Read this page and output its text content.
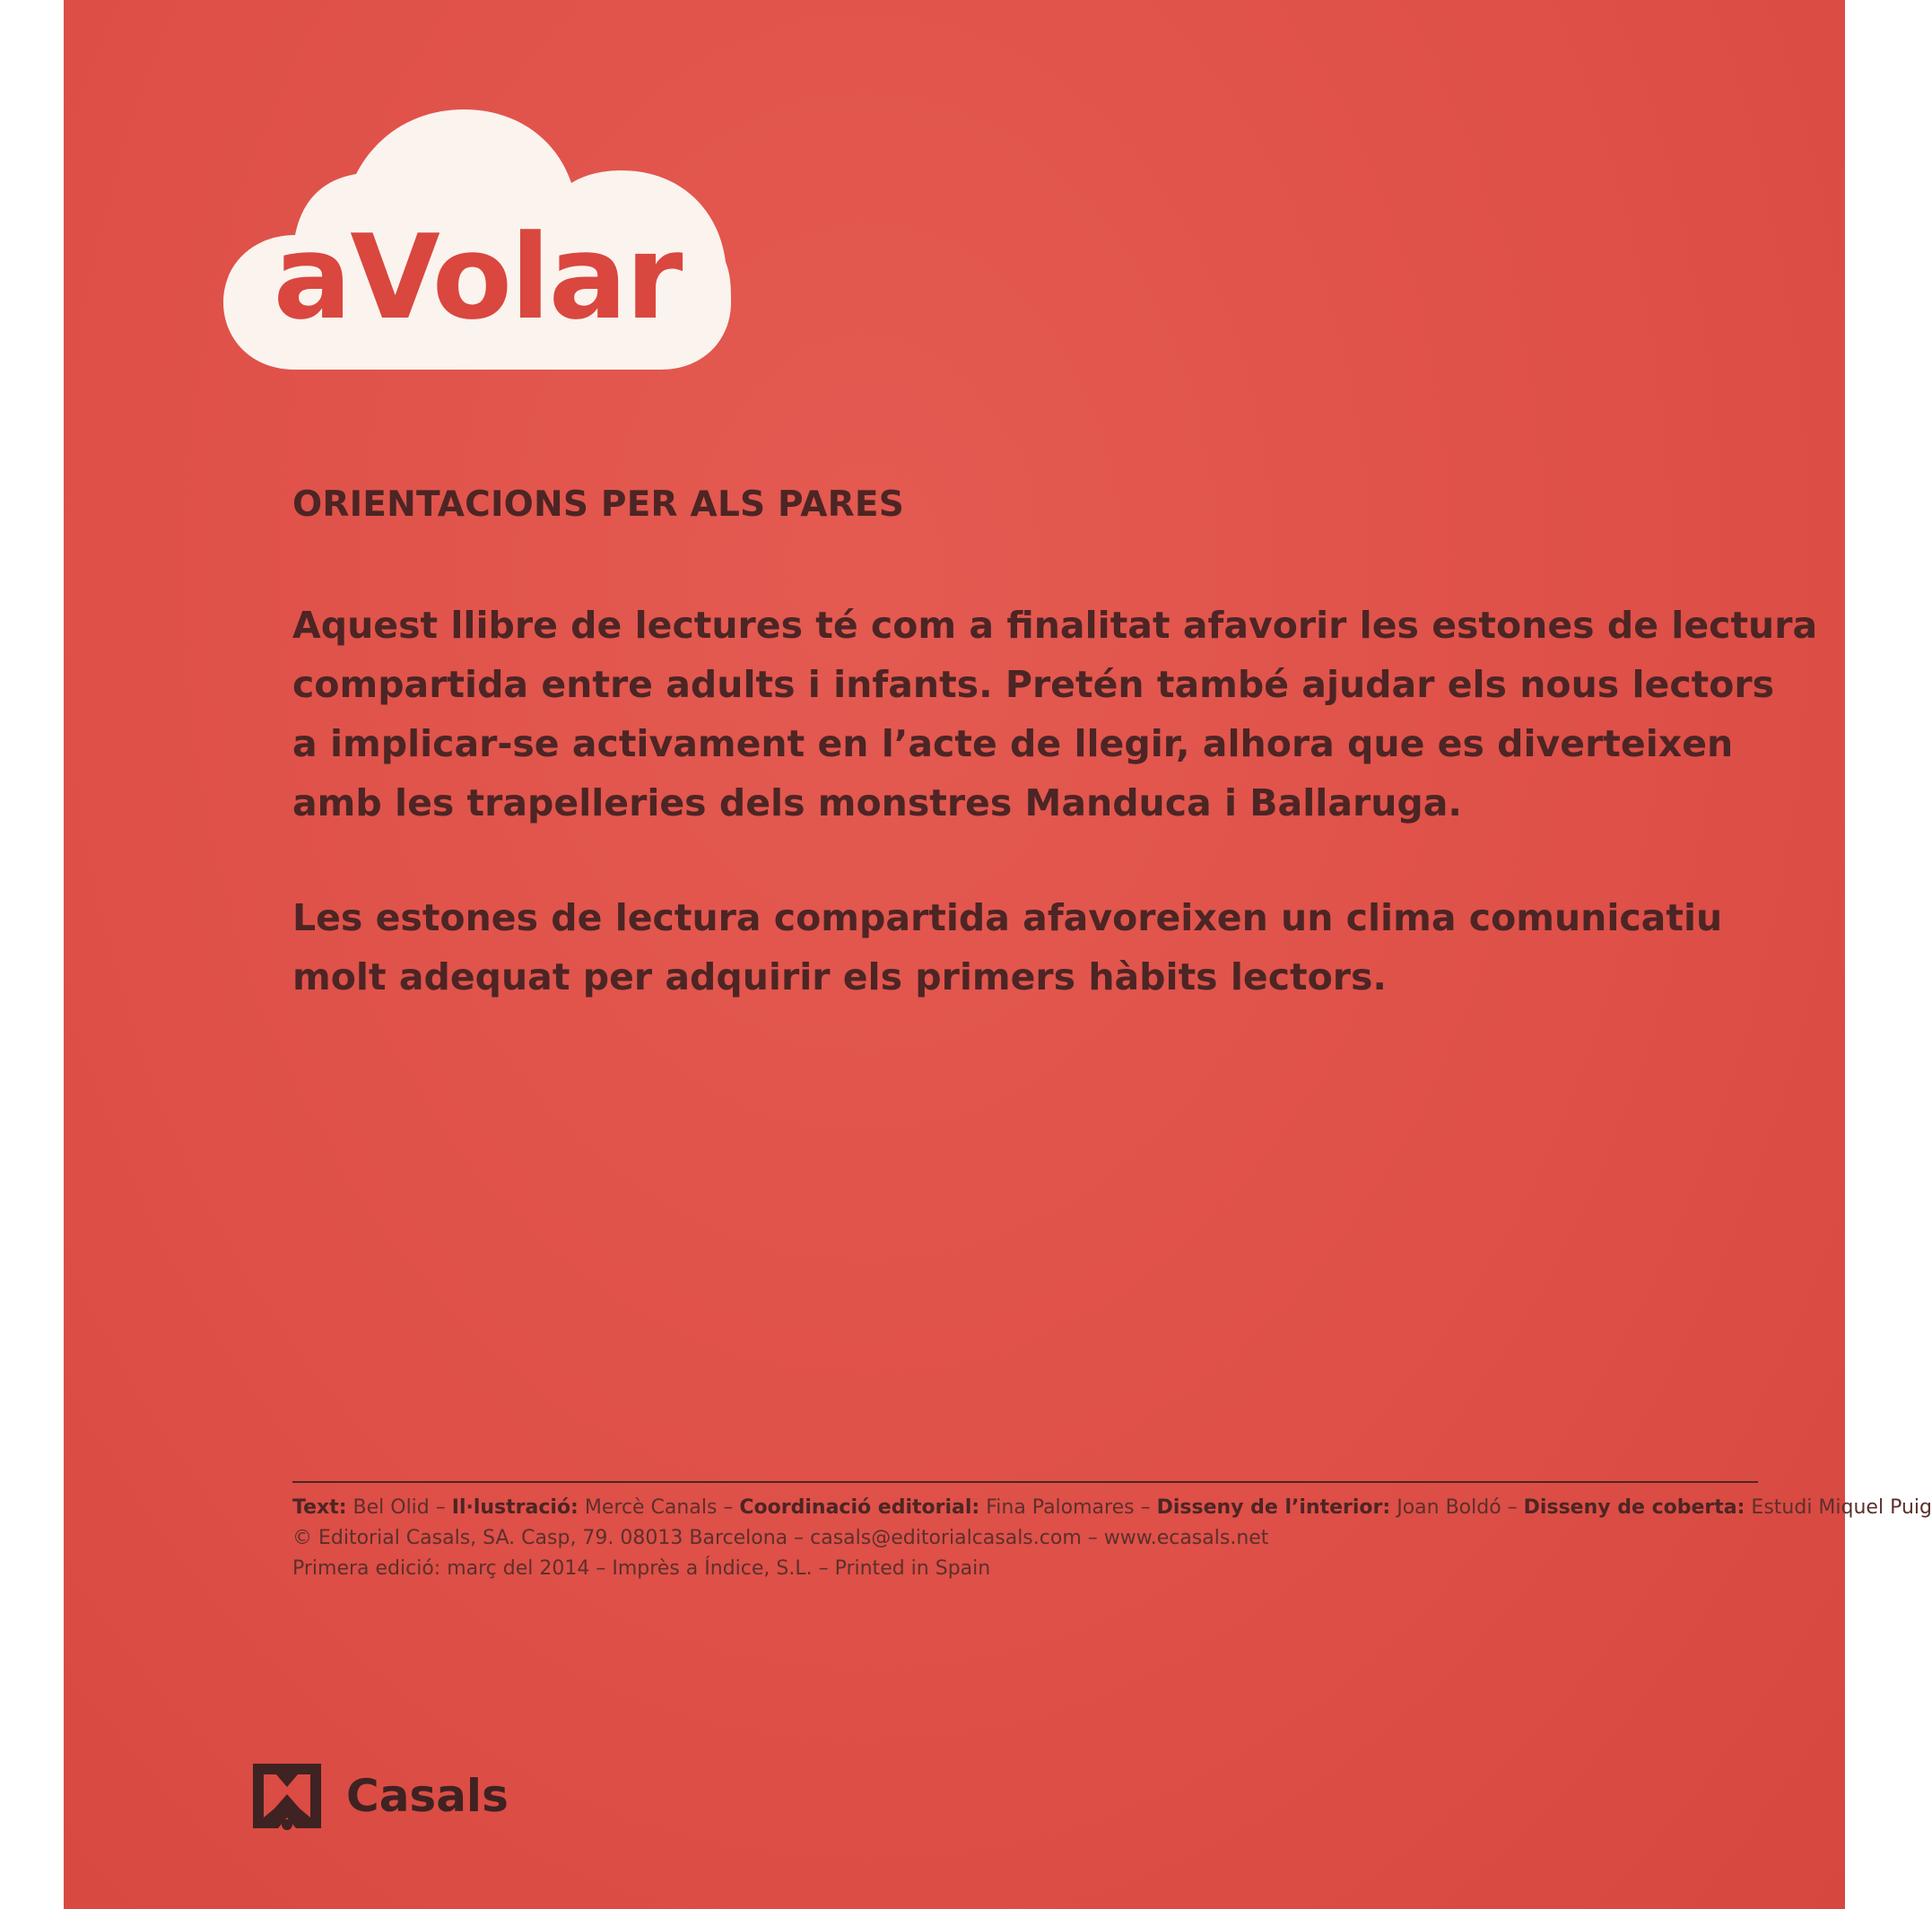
aVolar
ORIENTACIONS PER ALS PARES

Aquest llibre de lectures té com a finalitat afavorir les estones de lectura
compartida entre adults i infants. Pretén també ajudar els nous lectors
a implicar-se activament en l’acte de llegir, alhora que es diverteixen
amb les trapelleries dels monstres Manduca i Ballaruga.

Les estones de lectura compartida afavoreixen un clima comunicatiu
molt adequat per adquirir els primers hàbits lectors.

Text: Bel Olid – Il·lustració: Mercè Canals – Coordinació editorial: Fina Palomares – Disseny de l’interior: Joan Boldó – Disseny de coberta: Estudi Miquel Puig
© Editorial Casals, SA. Casp, 79. 08013 Barcelona – casals@editorialcasals.com – www.ecasals.net
Primera edició: març del 2014 – Imprès a Índice, S.L. – Printed in Spain

Casals
